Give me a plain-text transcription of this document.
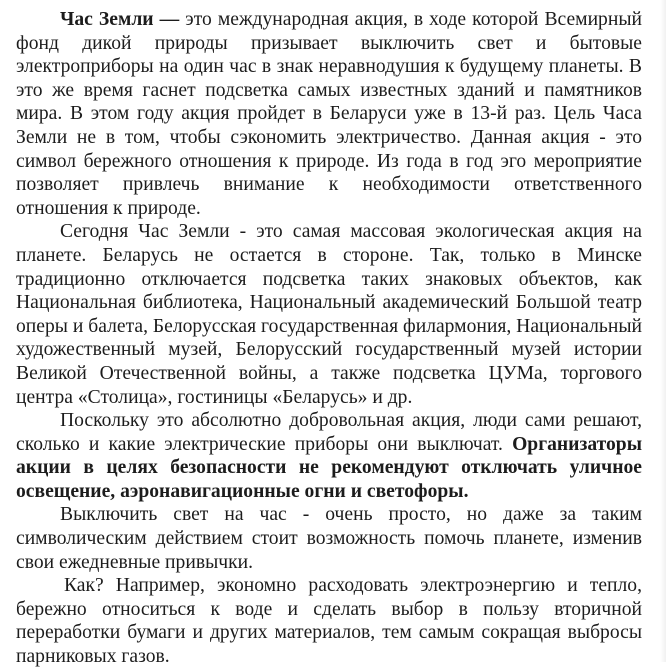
Час Земли — это международная акция, в ходе которой Всемирный фонд дикой природы призывает выключить свет и бытовые электроприборы на один час в знак неравнодушия к будущему планеты. В это же время гаснет подсветка самых известных зданий и памятников мира. В этом году акция пройдет в Беларуси уже в 13-й раз. Цель Часа Земли не в том, чтобы сэкономить электричество. Данная акция - это символ бережного отношения к природе. Из года в год эго мероприятие позволяет привлечь внимание к необходимости ответственного отношения к природе.

Сегодня Час Земли - это самая массовая экологическая акция на планете. Беларусь не остается в стороне. Так, только в Минске традиционно отключается подсветка таких знаковых объектов, как Национальная библиотека, Национальный академический Большой театр оперы и балета, Белорусская государственная филармония, Национальный художественный музей, Белорусский государственный музей истории Великой Отечественной войны, а также подсветка ЦУМа, торгового центра «Столица», гостиницы «Беларусь» и др.

Поскольку это абсолютно добровольная акция, люди сами решают, сколько и какие электрические приборы они выключат. Организаторы акции в целях безопасности не рекомендуют отключать уличное освещение, аэронавигационные огни и светофоры.

Выключить свет на час - очень просто, но даже за таким символическим действием стоит возможность помочь планете, изменив свои ежедневные привычки.

Как? Например, экономно расходовать электроэнергию и тепло, бережно относиться к воде и сделать выбор в пользу вторичной переработки бумаги и других материалов, тем самым сокращая выбросы парниковых газов.
